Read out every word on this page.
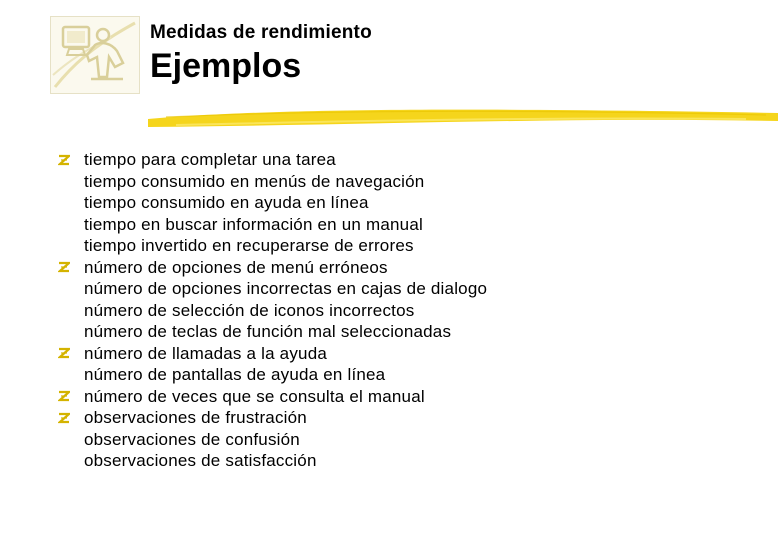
Medidas de rendimiento
Ejemplos
tiempo para completar una tarea
tiempo consumido en menús de navegación
tiempo consumido en ayuda en línea
tiempo en buscar información en un manual
tiempo invertido en recuperarse de errores
número de opciones de menú erróneos
número de opciones incorrectas en cajas de dialogo
número de selección de iconos incorrectos
número de teclas de función mal seleccionadas
número de llamadas a la ayuda
número de pantallas de ayuda en línea
número de veces que se consulta el manual
observaciones de frustración
observaciones de confusión
observaciones de satisfacción
